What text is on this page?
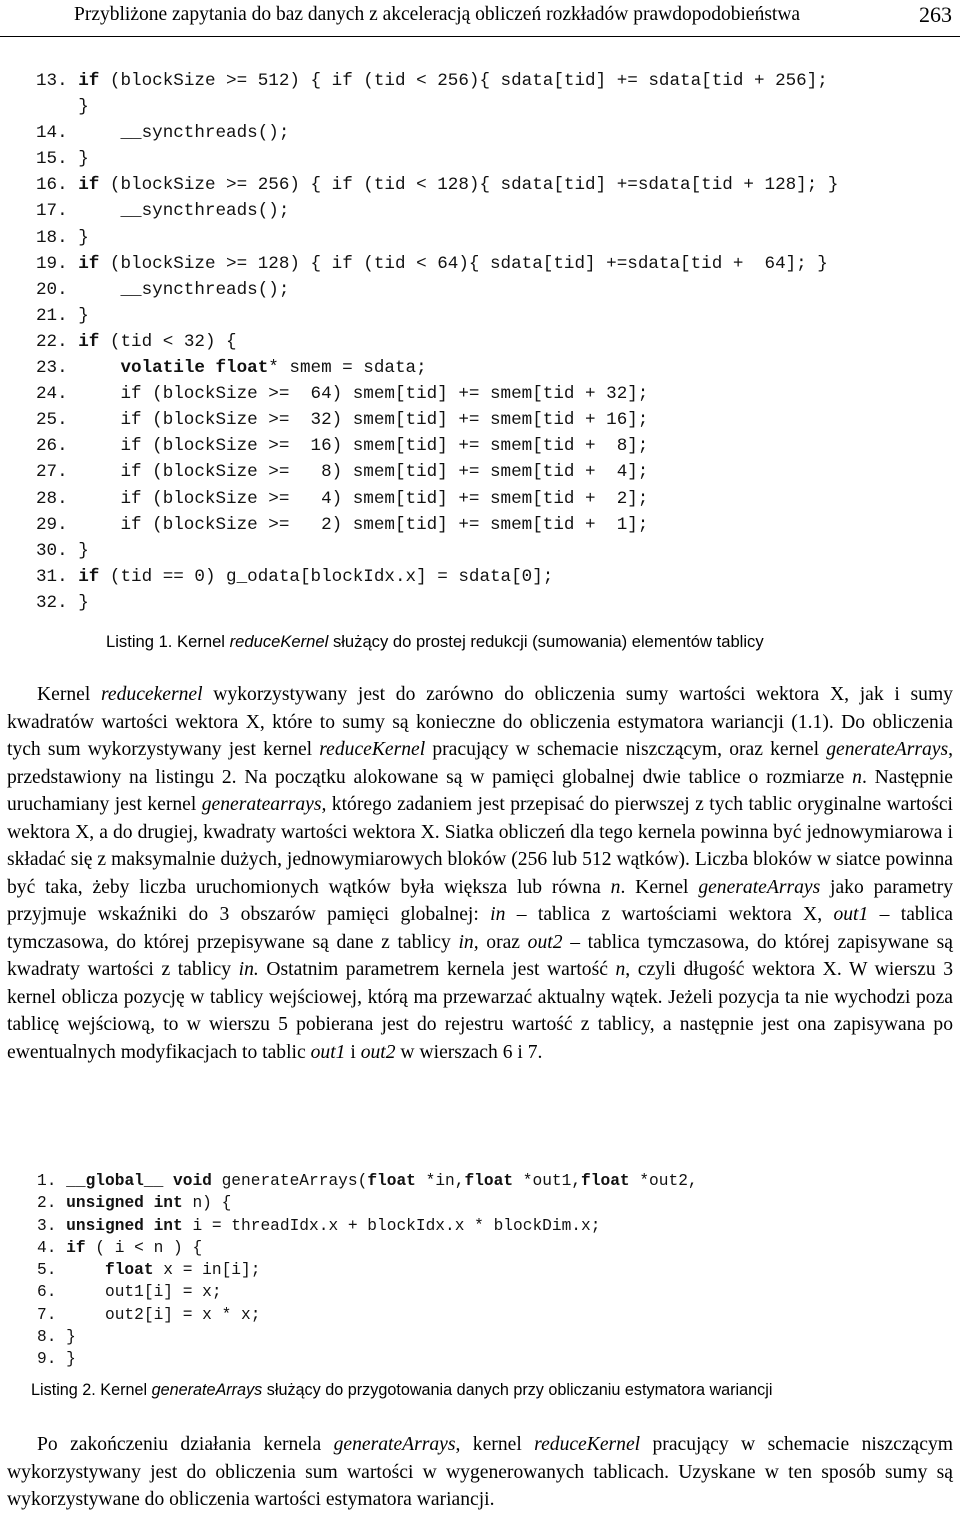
Przybliżone zapytania do baz danych z akceleracją obliczeń rozkładów prawdopodobieństwa	263
13. if (blockSize >= 512) { if (tid < 256){ sdata[tid] += sdata[tid + 256];
}
14.     __syncthreads();
15. }
16. if (blockSize >= 256) { if (tid < 128){ sdata[tid] +=sdata[tid + 128]; }
17.     __syncthreads();
18. }
19. if (blockSize >= 128) { if (tid < 64){ sdata[tid] +=sdata[tid +  64]; }
20.     __syncthreads();
21. }
22. if (tid < 32) {
23.     volatile float* smem = sdata;
24.     if (blockSize >=  64) smem[tid] += smem[tid + 32];
25.     if (blockSize >=  32) smem[tid] += smem[tid + 16];
26.     if (blockSize >=  16) smem[tid] += smem[tid +  8];
27.     if (blockSize >=   8) smem[tid] += smem[tid +  4];
28.     if (blockSize >=   4) smem[tid] += smem[tid +  2];
29.     if (blockSize >=   2) smem[tid] += smem[tid +  1];
30. }
31. if (tid == 0) g_odata[blockIdx.x] = sdata[0];
32. }
Listing 1. Kernel reduceKernel służący do prostej redukcji (sumowania) elementów tablicy
Kernel reducekernel wykorzystywany jest do zarówno do obliczenia sumy wartości wektora X, jak i sumy kwadratów wartości wektora X, które to sumy są konieczne do obliczenia estymatora wariancji (1.1). Do obliczenia tych sum wykorzystywany jest kernel reduceKernel pracujący w schemacie niszczącym, oraz kernel generateArrays, przedstawiony na listingu 2. Na początku alokowane są w pamięci globalnej dwie tablice o rozmiarze n. Następnie uruchamiany jest kernel generatearrays, którego zadaniem jest przepisać do pierwszej z tych tablic oryginalne wartości wektora X, a do drugiej, kwadraty wartości wektora X. Siatka obliczeń dla tego kernela powinna być jednowymiarowa i składać się z maksymalnie dużych, jednowymiarowych bloków (256 lub 512 wątków). Liczba bloków w siatce powinna być taka, żeby liczba uruchomionych wątków była większa lub równa n. Kernel generateArrays jako parametry przyjmuje wskaźniki do 3 obszarów pamięci globalnej: in – tablica z wartościami wektora X, out1 – tablica tymczasowa, do której przepisywane są dane z tablicy in, oraz out2 – tablica tymczasowa, do której zapisywane są kwadraty wartości z tablicy in. Ostatnim parametrem kernela jest wartość n, czyli długość wektora X. W wierszu 3 kernel oblicza pozycję w tablicy wejściowej, którą ma przewarzać aktualny wątek. Jeżeli pozycja ta nie wychodzi poza tablicę wejściową, to w wierszu 5 pobierana jest do rejestru wartość z tablicy, a następnie jest ona zapisywana po ewentualnych modyfikacjach to tablic out1 i out2 w wierszach 6 i 7.
1. __global__ void generateArrays(float *in,float *out1,float *out2,
2. unsigned int n) {
3. unsigned int i = threadIdx.x + blockIdx.x * blockDim.x;
4. if ( i < n ) {
5.     float x = in[i];
6.     out1[i] = x;
7.     out2[i] = x * x;
8. }
9. }
Listing 2. Kernel generateArrays służący do przygotowania danych przy obliczaniu estymatora wariancji
Po zakończeniu działania kernela generateArrays, kernel reduceKernel pracujący w schemacie niszczącym wykorzystywany jest do obliczenia sum wartości w wygenerowanych tablicach. Uzyskane w ten sposób sumy są wykorzystywane do obliczenia wartości estymatora wariancji.
